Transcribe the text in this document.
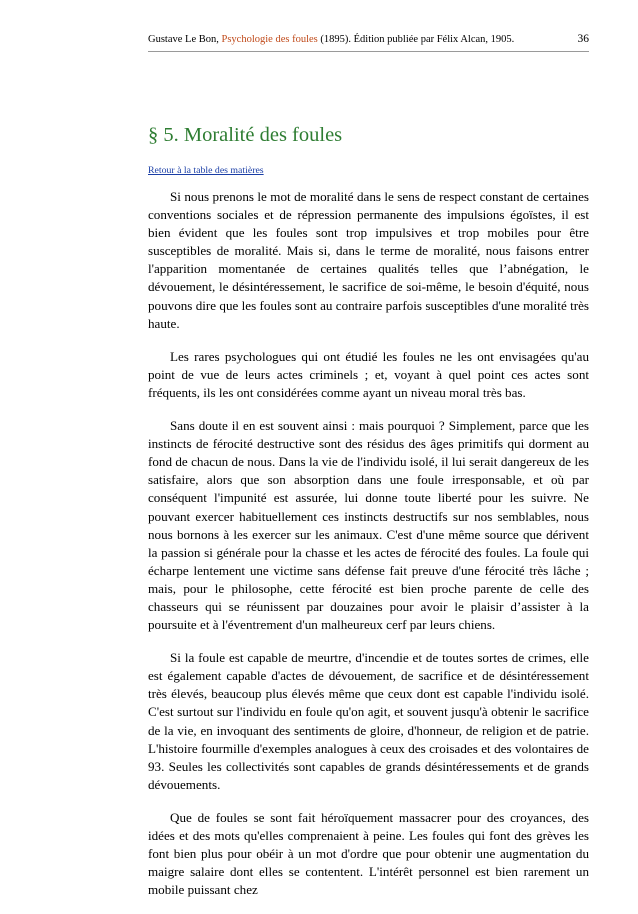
Gustave Le Bon, Psychologie des foules (1895). Édition publiée par Félix Alcan, 1905.	36
§ 5. Moralité des foules
Retour à la table des matières

Si nous prenons le mot de moralité dans le sens de respect constant de certaines conventions sociales et de répression permanente des impulsions égoïstes, il est bien évident que les foules sont trop impulsives et trop mobiles pour être susceptibles de moralité. Mais si, dans le terme de moralité, nous faisons entrer l'apparition momentanée de certaines qualités telles que l’abnégation, le dévouement, le désintéressement, le sacrifice de soi-même, le besoin d'équité, nous pouvons dire que les foules sont au contraire parfois susceptibles d'une moralité très haute.

Les rares psychologues qui ont étudié les foules ne les ont envisagées qu'au point de vue de leurs actes criminels ; et, voyant à quel point ces actes sont fréquents, ils les ont considérées comme ayant un niveau moral très bas.

Sans doute il en est souvent ainsi : mais pourquoi ? Simplement, parce que les instincts de férocité destructive sont des résidus des âges primitifs qui dorment au fond de chacun de nous. Dans la vie de l'individu isolé, il lui serait dangereux de les satisfaire, alors que son absorption dans une foule irresponsable, et où par conséquent l'impunité est assurée, lui donne toute liberté pour les suivre. Ne pouvant exercer habituellement ces instincts destructifs sur nos semblables, nous nous bornons à les exercer sur les animaux. C'est d'une même source que dérivent la passion si générale pour la chasse et les actes de férocité des foules. La foule qui écharpe lentement une victime sans défense fait preuve d'une férocité très lâche ; mais, pour le philosophe, cette férocité est bien proche parente de celle des chasseurs qui se réunissent par douzaines pour avoir le plaisir d’assister à la poursuite et à l'éventrement d'un malheureux cerf par leurs chiens.

Si la foule est capable de meurtre, d'incendie et de toutes sortes de crimes, elle est également capable d'actes de dévouement, de sacrifice et de désintéressement très élevés, beaucoup plus élevés même que ceux dont est capable l'individu isolé. C'est surtout sur l'individu en foule qu'on agit, et souvent jusqu'à obtenir le sacrifice de la vie, en invoquant des sentiments de gloire, d'honneur, de religion et de patrie. L'histoire fourmille d'exemples analogues à ceux des croisades et des volontaires de 93. Seules les collectivités sont capables de grands désintéressements et de grands dévouements.

Que de foules se sont fait héroïquement massacrer pour des croyances, des idées et des mots qu'elles comprenaient à peine. Les foules qui font des grèves les font bien plus pour obéir à un mot d'ordre que pour obtenir une augmentation du maigre salaire dont elles se contentent. L'intérêt personnel est bien rarement un mobile puissant chez
